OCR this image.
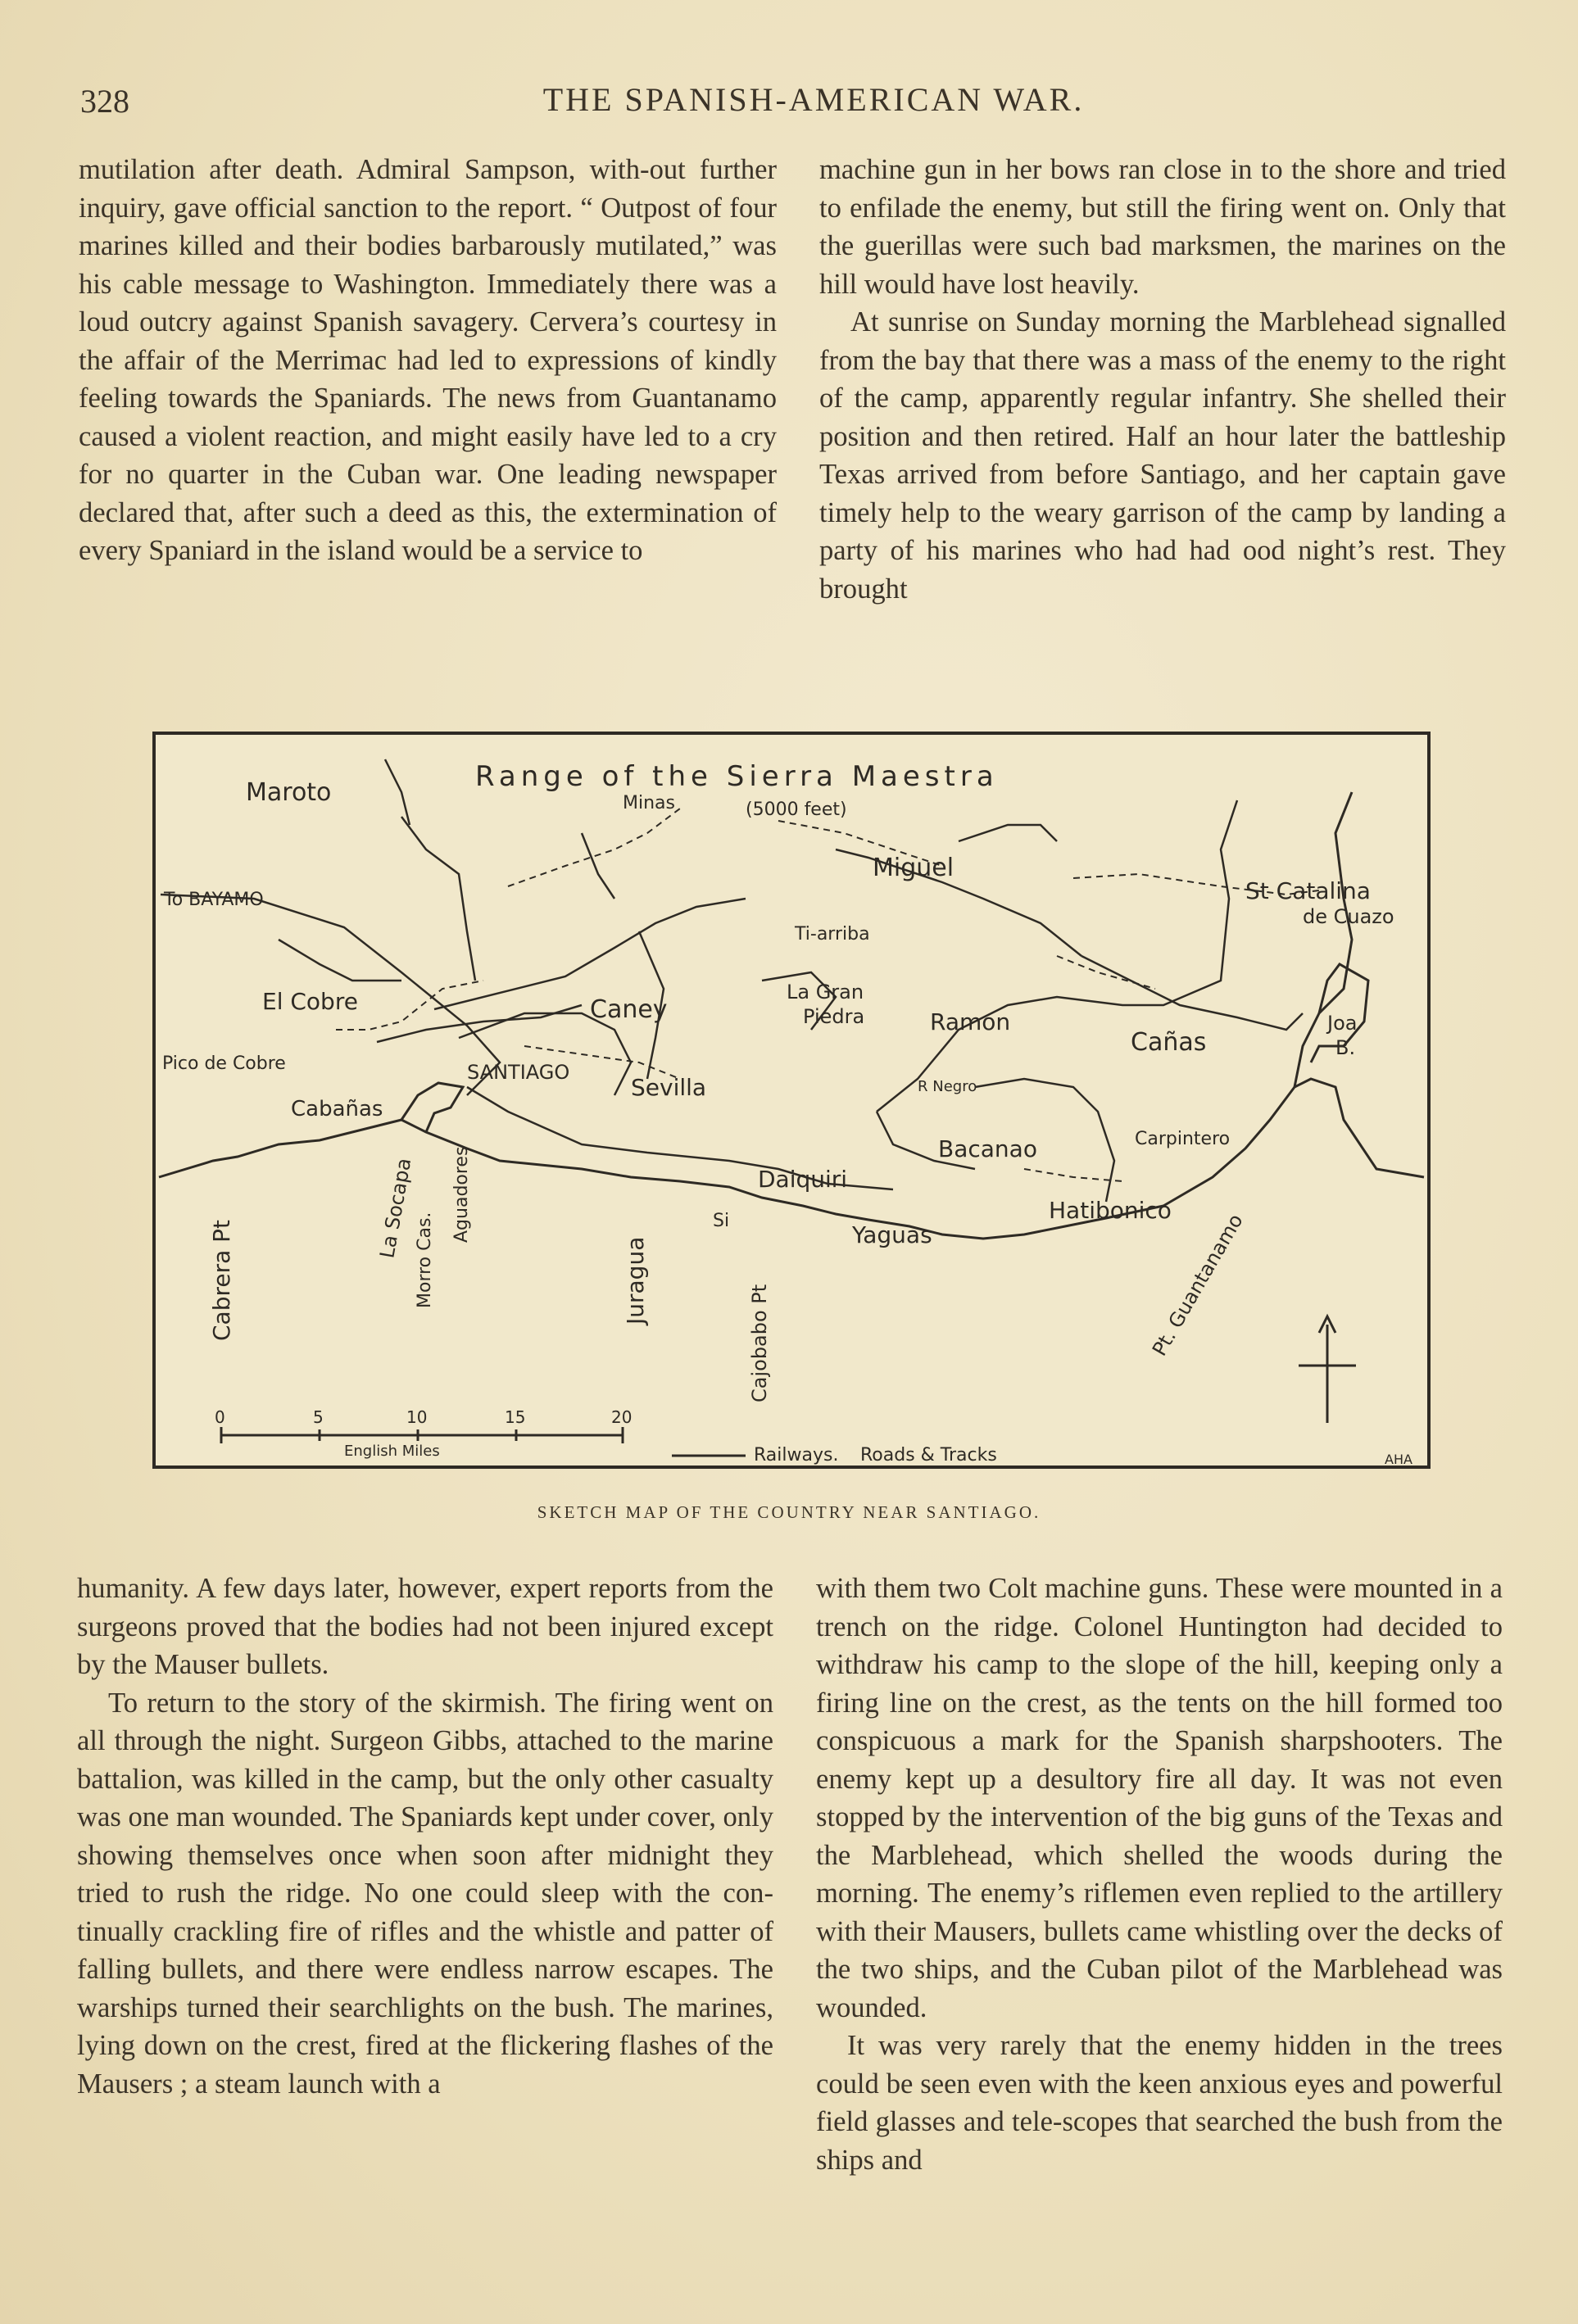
328	THE SPANISH-AMERICAN WAR.

mutilation after death. Admiral Sampson, with-out further inquiry, gave official sanction to the report. “ Outpost of four marines killed and their bodies barbarously mutilated,” was his cable message to Washington. Immediately there was a loud outcry against Spanish savagery. Cervera’s courtesy in the affair of the Merrimac had led to expressions of kindly feeling towards the Spaniards. The news from Guantanamo caused a violent reaction, and might easily have led to a cry for no quarter in the Cuban war. One leading newspaper declared that, after such a deed as this, the extermination of every Spaniard in the island would be a service to

machine gun in her bows ran close in to the shore and tried to enfilade the enemy, but still the firing went on. Only that the guerillas were such bad marksmen, the marines on the hill would have lost heavily.

At sunrise on Sunday morning the Marblehead signalled from the bay that there was a mass of the enemy to the right of the camp, apparently regular infantry. She shelled their position and then retired. Half an hour later the battleship Texas arrived from before Santiago, and her captain gave timely help to the weary garrison of the camp by landing a party of his marines who had had ood night’s rest. They brought

Range of the Sierra Maestra
(5000 feet)
Maroto
To BAYAMO
Minas
Miguel
St Catalina
de Cuazo
Ti-arriba
El Cobre
Pico de Cobre
Caney
La Gran
Piedra	Ramon
Cañas
Joa
B.
SANTIAGO
Sevilla
Cabañas
R Negro
Bacanao	Carpintero
Daiquiri
Yaguas
Hatibonico
Cabrera Pt
La Socapa
Morro Cas.
Aguadores
Juragua
Cajobabo Pt	Pt. Guantanamo
Si
0	5	10	15	20
English Miles	Railways. Roads & Tracks	AHA
SKETCH MAP OF THE COUNTRY NEAR SANTIAGO.

humanity. A few days later, however, expert reports from the surgeons proved that the bodies had not been injured except by the Mauser bullets.

To return to the story of the skirmish. The firing went on all through the night. Surgeon Gibbs, attached to the marine battalion, was killed in the camp, but the only other casualty was one man wounded. The Spaniards kept under cover, only showing themselves once when soon after midnight they tried to rush the ridge. No one could sleep with the con-tinually crackling fire of rifles and the whistle and patter of falling bullets, and there were endless narrow escapes. The warships turned their searchlights on the bush. The marines, lying down on the crest, fired at the flickering flashes of the Mausers ; a steam launch with a

with them two Colt machine guns. These were mounted in a trench on the ridge. Colonel Huntington had decided to withdraw his camp to the slope of the hill, keeping only a firing line on the crest, as the tents on the hill formed too conspicuous a mark for the Spanish sharpshooters. The enemy kept up a desultory fire all day. It was not even stopped by the intervention of the big guns of the Texas and the Marblehead, which shelled the woods during the morning. The enemy’s riflemen even replied to the artillery with their Mausers, bullets came whistling over the decks of the two ships, and the Cuban pilot of the Marblehead was wounded.

It was very rarely that the enemy hidden in the trees could be seen even with the keen anxious eyes and powerful field glasses and tele-scopes that searched the bush from the ships and
